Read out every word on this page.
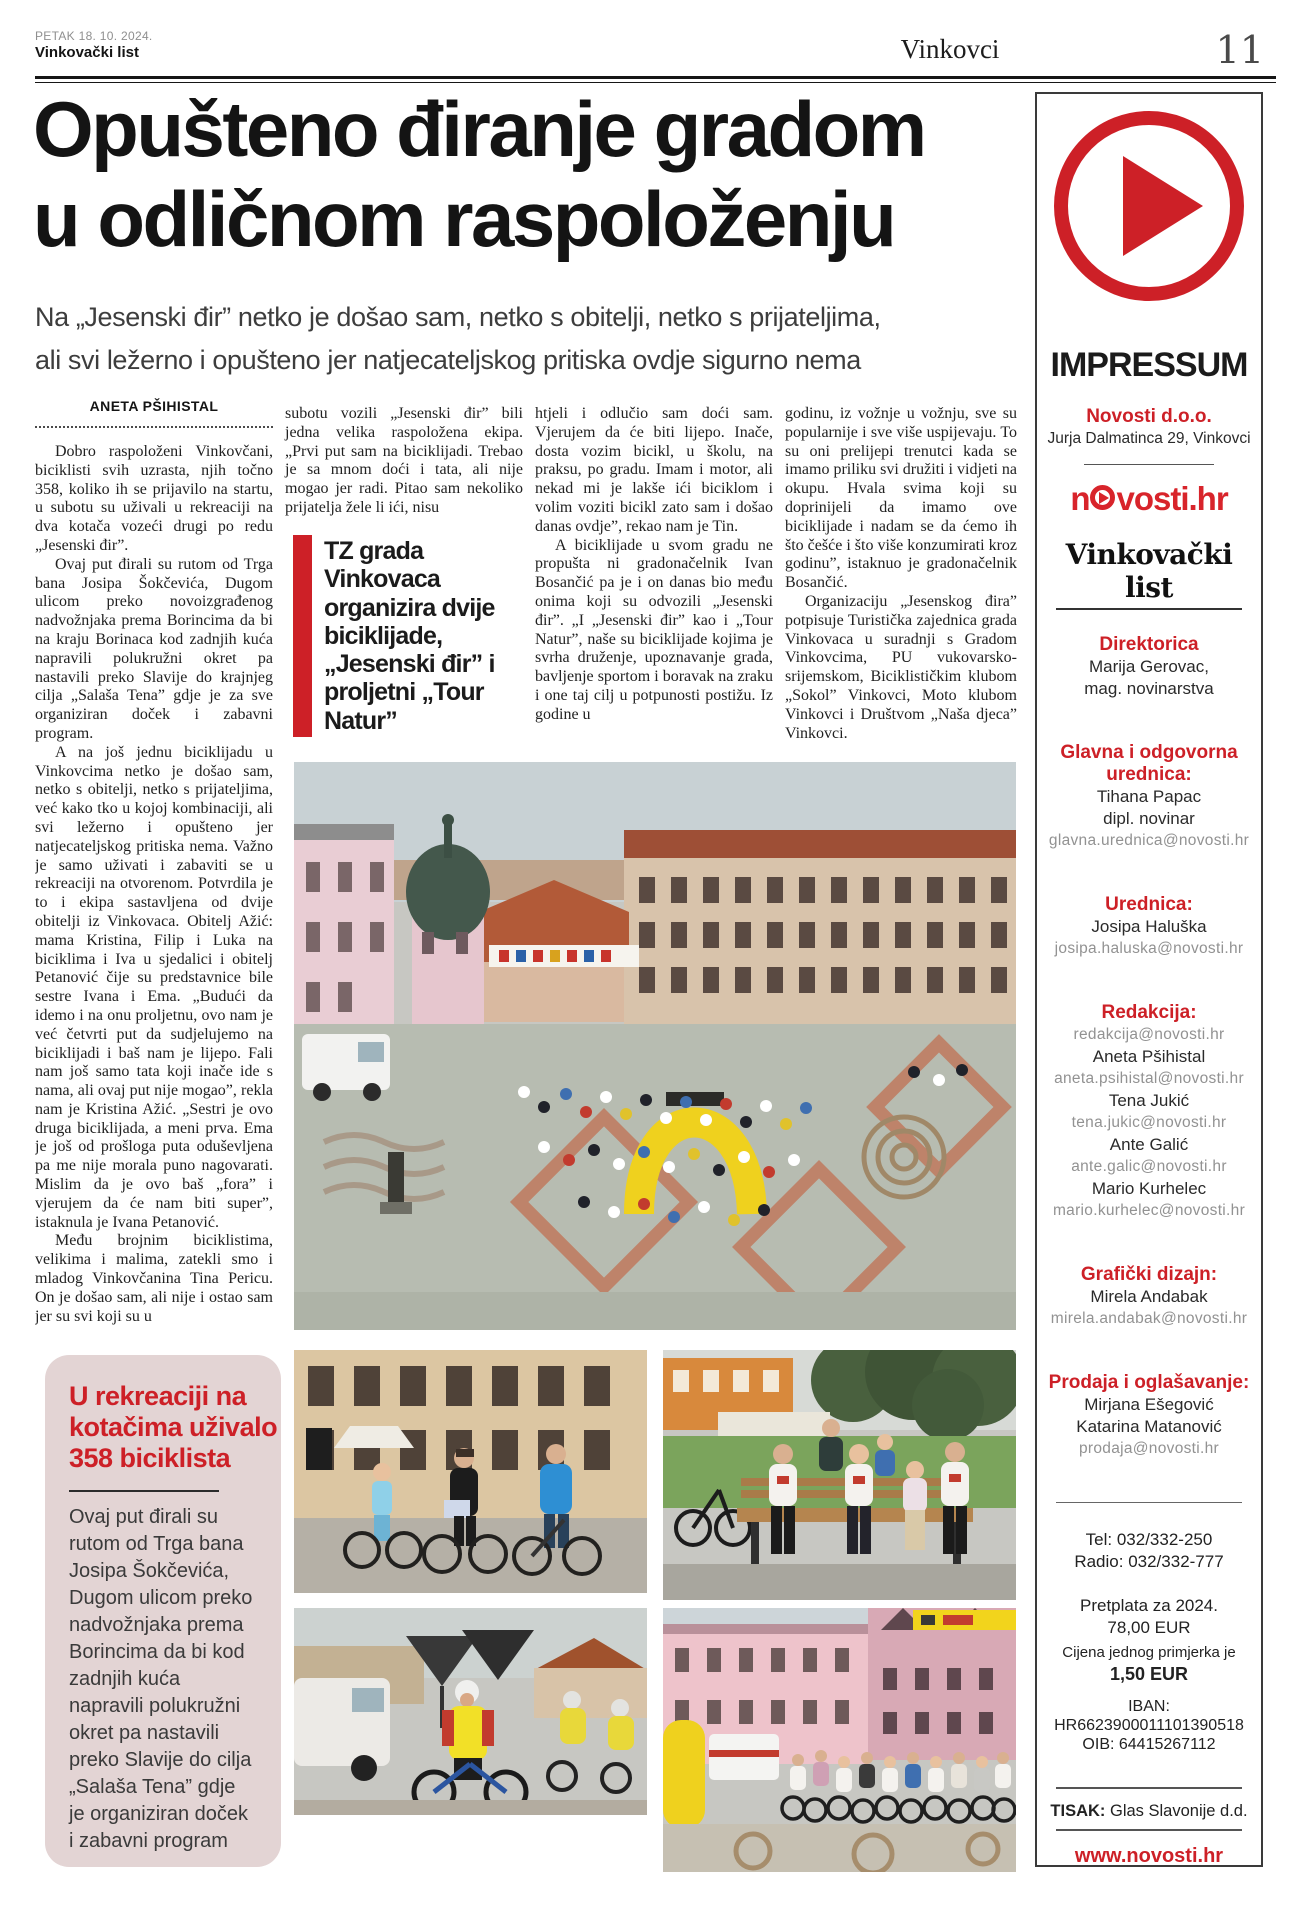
PETAK 18. 10. 2024.
Vinkovački list	Vinkovci	11
Opušteno điranje gradom
u odličnom raspoloženju
Na „Jesenski đir” netko je došao sam, netko s obitelji, netko s prijateljima,
ali svi ležerno i opušteno jer natjecateljskog pritiska ovdje sigurno nema
ANETA PŠIHISTAL

Dobro raspoloženi Vinkovčani, biciklisti svih uzrasta, njih točno 358, koliko ih se prijavilo na startu, u subotu su uživali u rekreaciji na dva kotača vozeći drugi po redu „Jesenski đir”.

Ovaj put đirali su rutom od Trga bana Josipa Šokčevića, Dugom ulicom preko novoizgrađenog nadvožnjaka prema Borincima da bi na kraju Borinaca kod zadnjih kuća napravili polukružni okret pa nastavili preko Slavije do krajnjeg cilja „Salaša Tena” gdje je za sve organiziran doček i zabavni program.

A na još jednu biciklijadu u Vinkovcima netko je došao sam, netko s obitelji, netko s prijateljima, već kako tko u kojoj kombinaciji, ali svi ležerno i opušteno jer natjecateljskog pritiska nema. Važno je samo uživati i zabaviti se u rekreaciji na otvorenom. Potvrdila je to i ekipa sastavljena od dvije obitelji iz Vinkovaca. Obitelj Ažić: mama Kristina, Filip i Luka na biciklima i Iva u sjedalici i obitelj Petanović čije su predstavnice bile sestre Ivana i Ema. „Budući da idemo i na onu proljetnu, ovo nam je već četvrti put da sudjelujemo na biciklijadi i baš nam je lijepo. Fali nam još samo tata koji inače ide s nama, ali ovaj put nije mogao”, rekla nam je Kristina Ažić. „Sestri je ovo druga biciklijada, a meni prva. Ema je još od prošloga puta oduševljena pa me nije morala puno nagovarati. Mislim da je ovo baš „fora” i vjerujem da će nam biti super”, istaknula je Ivana Petanović.

Među brojnim biciklistima, velikima i malima, zatekli smo i mladog Vinkovčanina Tina Pericu. On je došao sam, ali nije i ostao sam jer su svi koji su u

subotu vozili „Jesenski đir” bili jedna velika raspoložena ekipa. „Prvi put sam na biciklijadi. Trebao je sa mnom doći i tata, ali nije mogao jer radi. Pitao sam nekoliko prijatelja žele li ići, nisu

htjeli i odlučio sam doći sam. Vjerujem da će biti lijepo. Inače, dosta vozim bicikl, u školu, na praksu, po gradu. Imam i motor, ali nekad mi je lakše ići biciklom i volim voziti bicikl zato sam i došao danas ovdje”, rekao nam je Tin.

A biciklijade u svom gradu ne propušta ni gradonačelnik Ivan Bosančić pa je i on danas bio među onima koji su odvozili „Jesenski đir”. „I „Jesenski đir” kao i „Tour Natur”, naše su biciklijade kojima je svrha druženje, upoznavanje grada, bavljenje sportom i boravak na zraku i one taj cilj u potpunosti postižu. Iz godine u

godinu, iz vožnje u vožnju, sve su popularnije i sve više uspijevaju. To su oni prelijepi trenutci kada se imamo priliku svi družiti i vidjeti na okupu. Hvala svima koji su doprinijeli da imamo ove biciklijade i nadam se da ćemo ih što češće i što više konzumirati kroz godinu”, istaknuo je gradonačelnik Bosančić.

Organizaciju „Jesenskog đira” potpisuje Turistička zajednica grada Vinkovaca u suradnji s Gradom Vinkovcima, PU vukovarsko-srijemskom, Biciklističkim klubom „Sokol” Vinkovci, Moto klubom Vinkovci i Društvom „Naša djeca” Vinkovci.

TZ grada
Vinkovaca
organizira dvije
biciklijade,
„Jesenski đir” i
proljetni „Tour
Natur”
U rekreaciji na
kotačima uživalo
358 biciklista
Ovaj put đirali su rutom od Trga bana Josipa Šokčevića, Dugom ulicom preko nadvožnjaka prema Borincima da bi kod zadnjih kuća napravili polukružni okret pa nastavili preko Slavije do cilja „Salaša Tena” gdje je organiziran doček i zabavni program
IMPRESSUM
Novosti d.o.o.
Jurja Dalmatinca 29, Vinkovci
n vosti.hr
Vinkovački list
Direktorica
Marija Gerovac,
mag. novinarstva
Glavna i odgovorna urednica:
Tihana Papac
dipl. novinar
glavna.urednica@novosti.hr
Urednica:
Josipa Haluška
josipa.haluska@novosti.hr
Redakcija:
redakcija@novosti.hr
Aneta Pšihistal
aneta.psihistal@novosti.hr
Tena Jukić
tena.jukic@novosti.hr
Ante Galić
ante.galic@novosti.hr
Mario Kurhelec
mario.kurhelec@novosti.hr
Grafički dizajn:
Mirela Andabak
mirela.andabak@novosti.hr
Prodaja i oglašavanje:
Mirjana Ešegović
Katarina Matanović
prodaja@novosti.hr
Tel: 032/332-250
Radio: 032/332-777
Pretplata za 2024.
78,00 EUR
Cijena jednog primjerka je
1,50 EUR
IBAN:
HR6623900011101390518
OIB: 64415267112
TISAK: Glas Slavonije d.d.
www.novosti.hr
